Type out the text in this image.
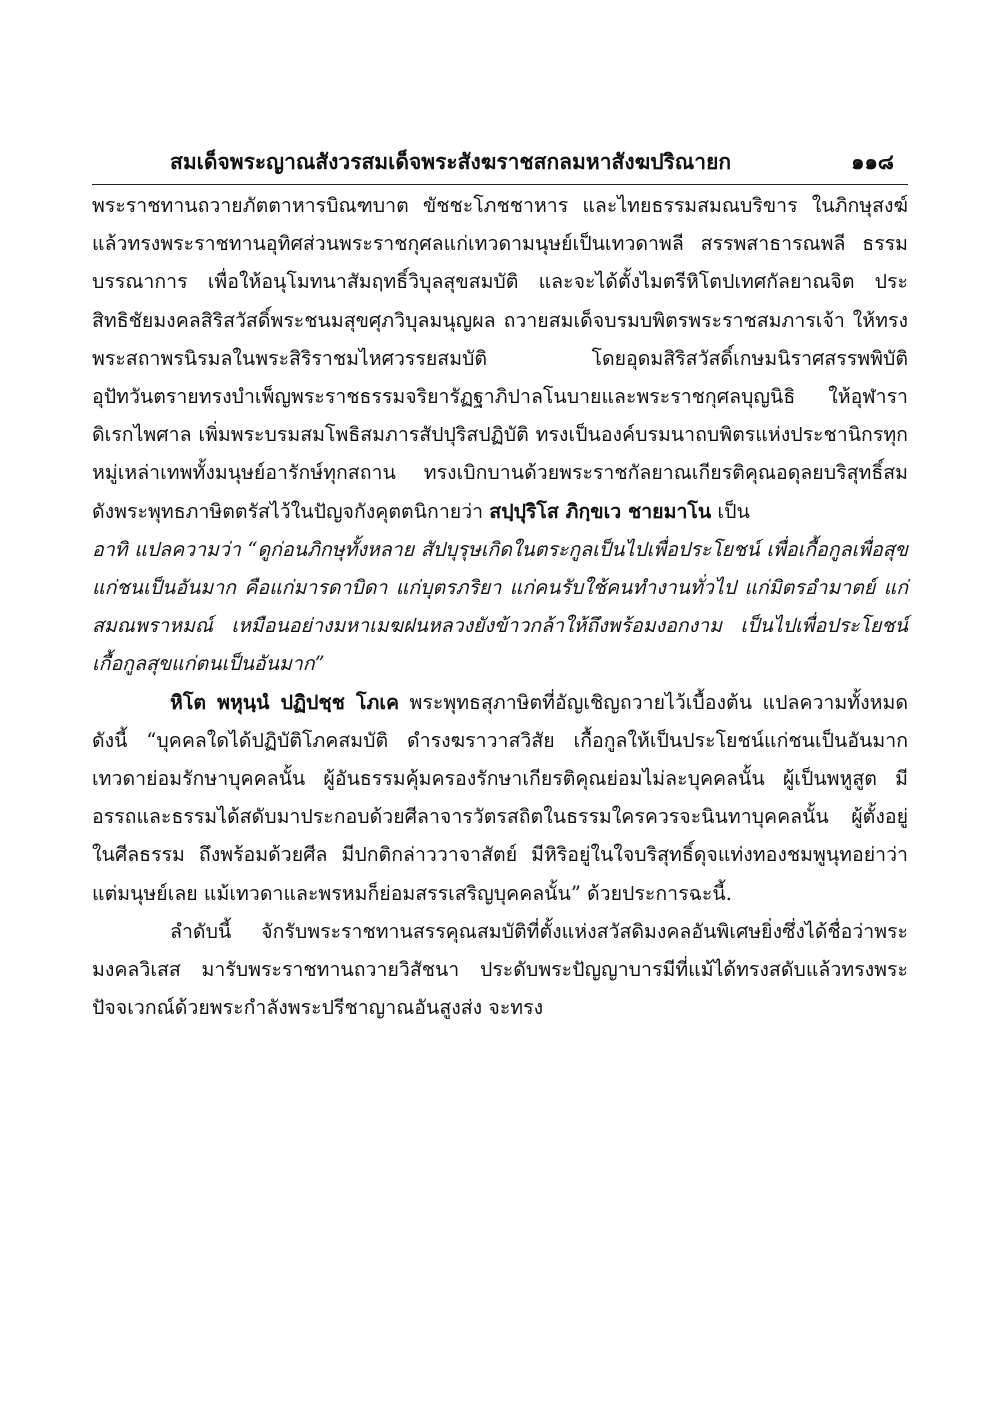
สมเด็จพระญาณสังวรสมเด็จพระสังฆราชสกลมหาสังฆปริณายก	๑๑๘

พระราชทานถวายภัตตาหารบิณฑบาต ขัชชะโภชชาหาร และไทยธรรมสมณบริขาร ในภิกษุสงฆ์ แล้วทรงพระราชทานอุทิศส่วนพระราชกุศลแก่เทวดามนุษย์เป็นเทวดาพลี สรรพสาธารณพลี ธรรมบรรณาการ เพื่อให้อนุโมทนาสัมฤทธิ์วิบุลสุขสมบัติ และจะได้ตั้งไมตรีหิโตปเทศกัลยาณจิต ประสิทธิชัยมงคลสิริสวัสดิ์พระชนมสุขศุภวิบุลมนุญผล ถวายสมเด็จบรมบพิตรพระราชสมภารเจ้า ให้ทรงพระสถาพรนิรมลในพระสิริราชมไหศวรรยสมบัติ โดยอุดมสิริสวัสดิ์เกษมนิราศสรรพพิบัติ อุปัทวันตรายทรงบำเพ็ญพระราชธรรมจริยารัฏฐาภิปาลโนบายและพระราชกุศลบุญนิธิ ให้อุฬาราดิเรกไพศาล เพิ่มพระบรมสมโพธิสมภารสัปปุริสปฏิบัติ ทรงเป็นองค์บรมนาถบพิตรแห่งประชานิกรทุกหมู่เหล่าเทพทั้งมนุษย์อารักษ์ทุกสถาน ทรงเบิกบานด้วยพระราชกัลยาณเกียรติคุณอดุลยบริสุทธิ์สมดังพระพุทธภาษิตตรัสไว้ในปัญจกังคุตตนิกายว่า สปฺปุริโส ภิกฺขเว ชายมาโน เป็น
อาทิ แปลความว่า “ดูก่อนภิกษุทั้งหลาย สัปบุรุษเกิดในตระกูลเป็นไปเพื่อประโยชน์ เพื่อเกื้อกูลเพื่อสุขแก่ชนเป็นอันมาก คือแก่มารดาบิดา แก่บุตรภริยา แก่คนรับใช้คนทำงานทั่วไป แก่มิตรอำมาตย์ แก่สมณพราหมณ์ เหมือนอย่างมหาเมฆฝนหลวงยังข้าวกล้าให้ถึงพร้อมงอกงาม เป็นไปเพื่อประโยชน์เกื้อกูลสุขแก่ตนเป็นอันมาก”

หิโต พหุนฺนํ ปฏิปชฺช โภเค พระพุทธสุภาษิตที่อัญเชิญถวายไว้เบื้องต้น แปลความทั้งหมดดังนี้ “บุคคลใดได้ปฏิบัติโภคสมบัติ ดำรงฆราวาสวิสัย เกื้อกูลให้เป็นประโยชน์แก่ชนเป็นอันมากเทวดาย่อมรักษาบุคคลนั้น ผู้อันธรรมคุ้มครองรักษาเกียรติคุณย่อมไม่ละบุคคลนั้น ผู้เป็นพหูสูต มีอรรถและธรรมได้สดับมาประกอบด้วยศีลาจารวัตรสถิตในธรรมใครควรจะนินทาบุคคลนั้น ผู้ตั้งอยู่ในศีลธรรม ถึงพร้อมด้วยศีล มีปกติกล่าววาจาสัตย์ มีหิริอยู่ในใจบริสุทธิ์ดุจแท่งทองชมพูนุทอย่าว่าแต่มนุษย์เลย แม้เทวดาและพรหมก็ย่อมสรรเสริญบุคคลนั้น” ด้วยประการฉะนี้.

ลำดับนี้ จักรับพระราชทานสรรคุณสมบัติที่ตั้งแห่งสวัสดิมงคลอันพิเศษยิ่งซึ่งได้ชื่อว่าพระมงคลวิเสส มารับพระราชทานถวายวิสัชนา ประดับพระปัญญาบารมีที่แม้ได้ทรงสดับแล้วทรงพระปัจจเวกณ์ด้วยพระกำลังพระปรีชาญาณอันสูงส่ง จะทรง
